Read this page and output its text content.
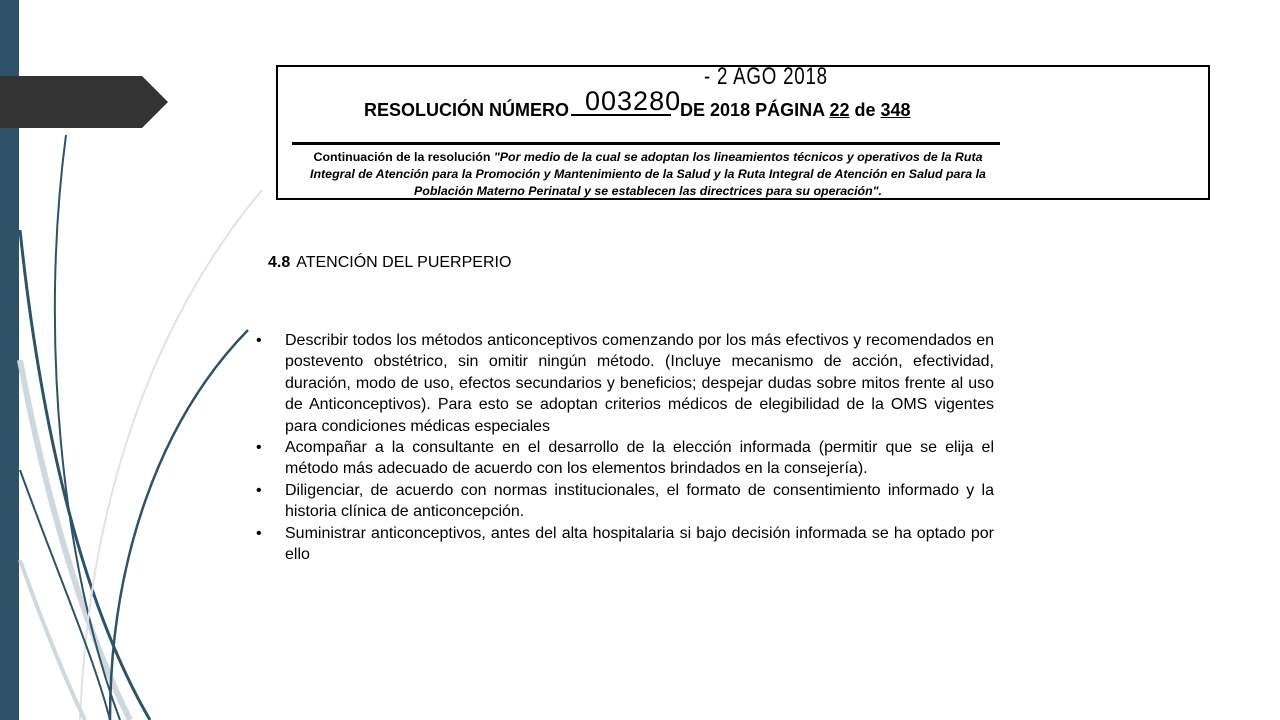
- 2 AGO 2018
003280
RESOLUCIÓN NÚMERO	DE 2018 PÁGINA 22 de 348
Continuación de la resolución "Por medio de la cual se adoptan los lineamientos técnicos y operativos de la Ruta Integral de Atención para la Promoción y Mantenimiento de la Salud y la Ruta Integral de Atención en Salud para la Población Materno Perinatal y se establecen las directrices para su operación".
4.8 ATENCIÓN DEL PUERPERIO
• Describir todos los métodos anticonceptivos comenzando por los más efectivos y recomendados en postevento obstétrico, sin omitir ningún método. (Incluye mecanismo de acción, efectividad, duración, modo de uso, efectos secundarios y beneficios; despejar dudas sobre mitos frente al uso de Anticonceptivos). Para esto se adoptan criterios médicos de elegibilidad de la OMS vigentes para condiciones médicas especiales
• Acompañar a la consultante en el desarrollo de la elección informada (permitir que se elija el método más adecuado de acuerdo con los elementos brindados en la consejería).
• Diligenciar, de acuerdo con normas institucionales, el formato de consentimiento informado y la historia clínica de anticoncepción.
• Suministrar anticonceptivos, antes del alta hospitalaria si bajo decisión informada se ha optado por ello
